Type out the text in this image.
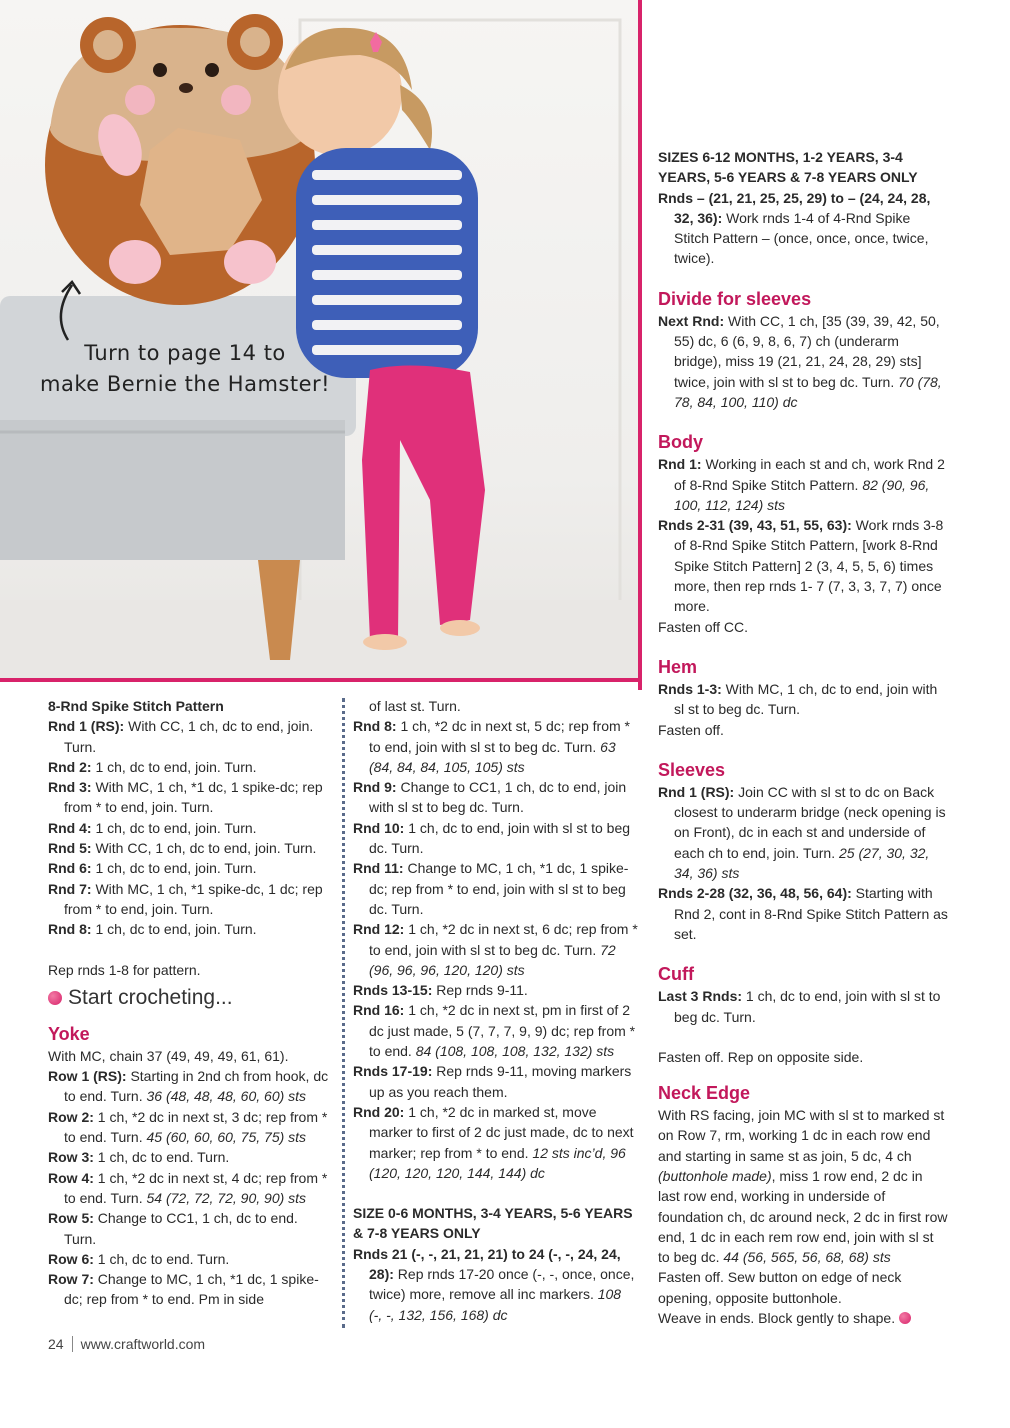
Turn to page 14 to
make Bernie the Hamster!

8-Rnd Spike Stitch Pattern

Rnd 1 (RS): With CC, 1 ch, dc to end, join. Turn.

Rnd 2: 1 ch, dc to end, join. Turn.

Rnd 3: With MC, 1 ch, *1 dc, 1 spike-dc; rep from * to end, join. Turn.

Rnd 4: 1 ch, dc to end, join. Turn.

Rnd 5: With CC, 1 ch, dc to end, join. Turn.

Rnd 6: 1 ch, dc to end, join. Turn.

Rnd 7: With MC, 1 ch, *1 spike-dc, 1 dc; rep from * to end, join. Turn.

Rnd 8: 1 ch, dc to end, join. Turn.

Rep rnds 1-8 for pattern.

Start crocheting...
Yoke

With MC, chain 37 (49, 49, 49, 61, 61).

Row 1 (RS): Starting in 2nd ch from hook, dc to end. Turn. 36 (48, 48, 48, 60, 60) sts

Row 2: 1 ch, *2 dc in next st, 3 dc; rep from * to end. Turn. 45 (60, 60, 60, 75, 75) sts

Row 3: 1 ch, dc to end. Turn.

Row 4: 1 ch, *2 dc in next st, 4 dc; rep from * to end. Turn. 54 (72, 72, 72, 90, 90) sts

Row 5: Change to CC1, 1 ch, dc to end. Turn.

Row 6: 1 ch, dc to end. Turn.

Row 7: Change to MC, 1 ch, *1 dc, 1 spike-dc; rep from * to end. Pm in side

of last st. Turn.

Rnd 8: 1 ch, *2 dc in next st, 5 dc; rep from * to end, join with sl st to beg dc. Turn. 63 (84, 84, 84, 105, 105) sts

Rnd 9: Change to CC1, 1 ch, dc to end, join with sl st to beg dc. Turn.

Rnd 10: 1 ch, dc to end, join with sl st to beg dc. Turn.

Rnd 11: Change to MC, 1 ch, *1 dc, 1 spike-dc; rep from * to end, join with sl st to beg dc. Turn.

Rnd 12: 1 ch, *2 dc in next st, 6 dc; rep from * to end, join with sl st to beg dc. Turn. 72 (96, 96, 96, 120, 120) sts

Rnds 13-15: Rep rnds 9-11.

Rnd 16: 1 ch, *2 dc in next st, pm in first of 2 dc just made, 5 (7, 7, 7, 9, 9) dc; rep from * to end. 84 (108, 108, 108, 132, 132) sts

Rnds 17-19: Rep rnds 9-11, moving markers up as you reach them.

Rnd 20: 1 ch, *2 dc in marked st, move marker to first of 2 dc just made, dc to next marker; rep from * to end. 12 sts inc’d, 96 (120, 120, 120, 144, 144) dc

SIZE 0-6 MONTHS, 3-4 YEARS, 5-6 YEARS & 7-8 YEARS ONLY

Rnds 21 (-, -, 21, 21, 21) to 24 (-, -, 24, 24, 28): Rep rnds 17-20 once (-, -, once, once, twice) more, remove all inc markers. 108 (-, -, 132, 156, 168) dc

SIZES 6-12 MONTHS, 1-2 YEARS, 3-4 YEARS, 5-6 YEARS & 7-8 YEARS ONLY

Rnds – (21, 21, 25, 25, 29) to – (24, 24, 28, 32, 36): Work rnds 1-4 of 4-Rnd Spike Stitch Pattern – (once, once, once, twice, twice).

Divide for sleeves

Next Rnd: With CC, 1 ch, [35 (39, 39, 42, 50, 55) dc, 6 (6, 9, 8, 6, 7) ch (underarm bridge), miss 19 (21, 21, 24, 28, 29) sts] twice, join with sl st to beg dc. Turn. 70 (78, 78, 84, 100, 110) dc

Body

Rnd 1: Working in each st and ch, work Rnd 2 of 8-Rnd Spike Stitch Pattern. 82 (90, 96, 100, 112, 124) sts

Rnds 2-31 (39, 43, 51, 55, 63): Work rnds 3-8 of 8-Rnd Spike Stitch Pattern, [work 8-Rnd Spike Stitch Pattern] 2 (3, 4, 5, 5, 6) times more, then rep rnds 1- 7 (7, 3, 3, 7, 7) once more.

Fasten off CC.

Hem

Rnds 1-3: With MC, 1 ch, dc to end, join with sl st to beg dc. Turn.

Fasten off.

Sleeves

Rnd 1 (RS): Join CC with sl st to dc on Back closest to underarm bridge (neck opening is on Front), dc in each st and underside of each ch to end, join. Turn. 25 (27, 30, 32, 34, 36) sts

Rnds 2-28 (32, 36, 48, 56, 64): Starting with Rnd 2, cont in 8-Rnd Spike Stitch Pattern as set.

Cuff

Last 3 Rnds: 1 ch, dc to end, join with sl st to beg dc. Turn.

Fasten off. Rep on opposite side.

Neck Edge

With RS facing, join MC with sl st to marked st on Row 7, rm, working 1 dc in each row end and starting in same st as join, 5 dc, 4 ch (buttonhole made), miss 1 row end, 2 dc in last row end, working in underside of foundation ch, dc around neck, 2 dc in first row end, 1 dc in each rem row end, join with sl st to beg dc. 44 (56, 565, 56, 68, 68) sts

Fasten off. Sew button on edge of neck opening, opposite buttonhole.

Weave in ends. Block gently to shape.

24 www.craftworld.com
